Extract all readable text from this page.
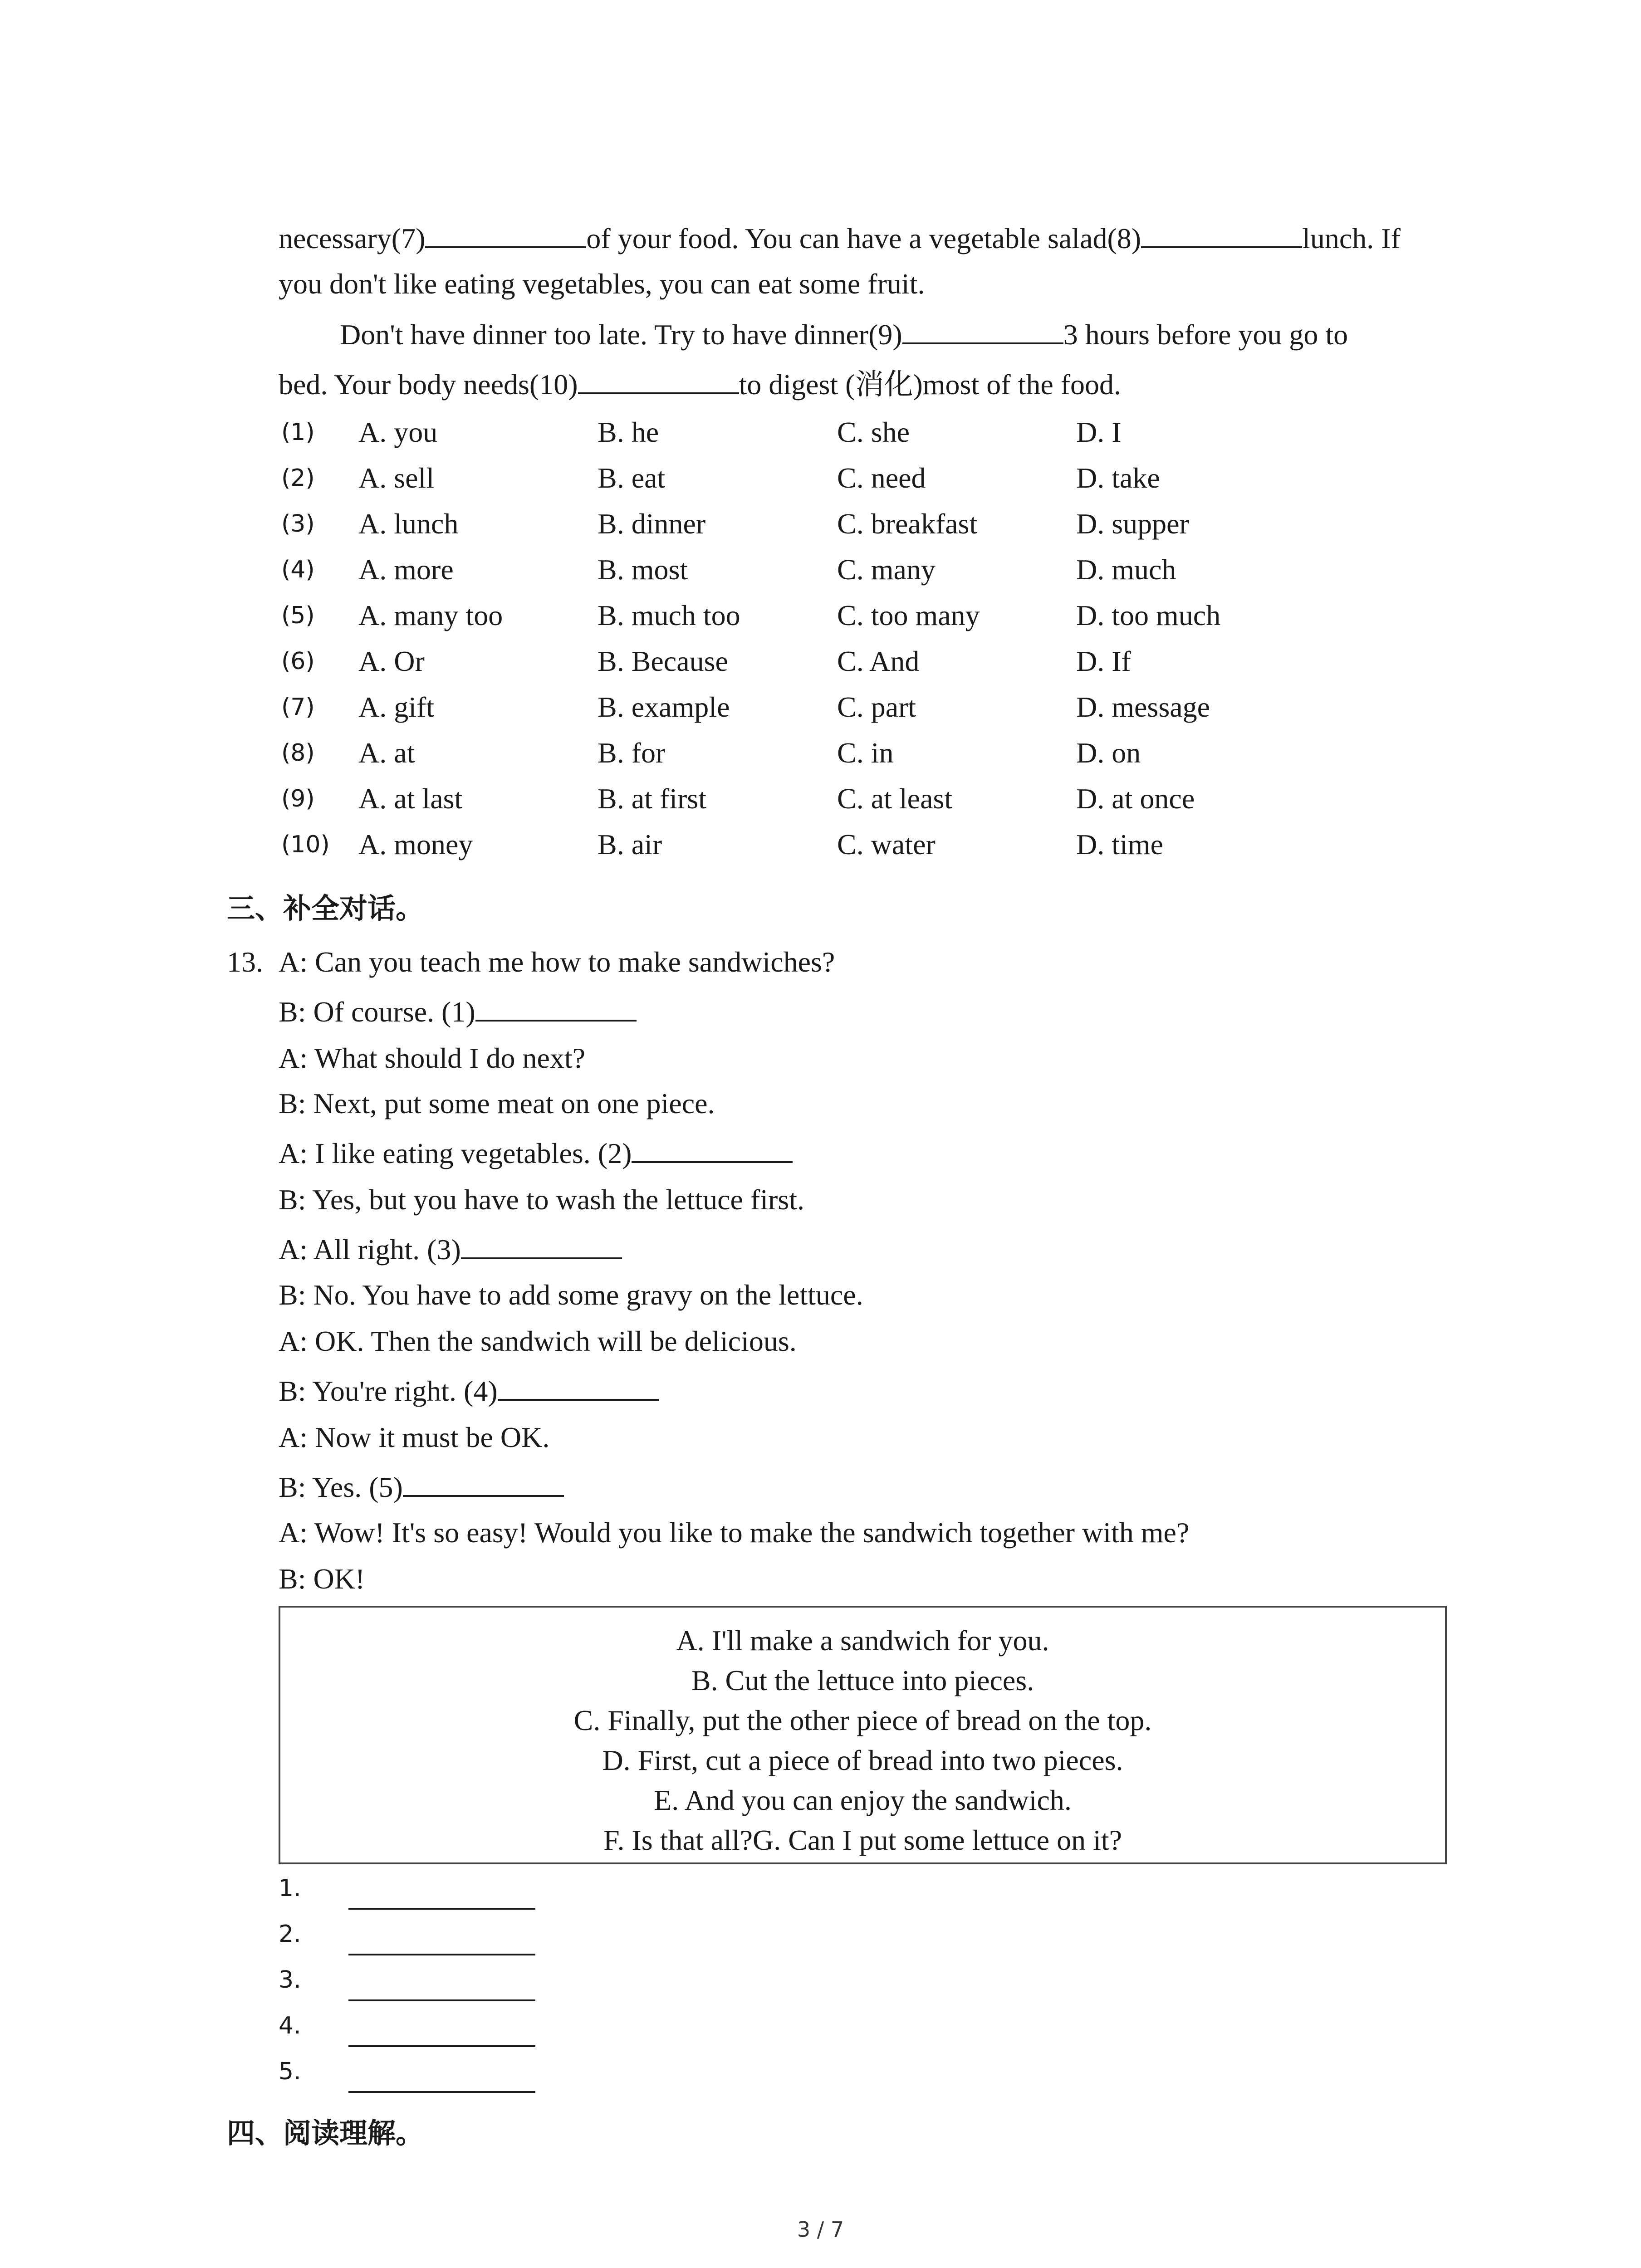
necessary(7)	of your food. You can have a vegetable salad(8)	lunch. If
you don't like eating vegetables, you can eat some fruit.
Don't have dinner too late. Try to have dinner(9)	3 hours before you go to
bed. Your body needs(10)	to digest (消化)most of the food.
(1) A. you	B. he	C. she	D. I
(2) A. sell	B. eat	C. need	D. take
(3) A. lunch	B. dinner	C. breakfast	D. supper
(4) A. more	B. most	C. many	D. much
(5) A. many too	B. much too	C. too many	D. too much
(6) A. Or	B. Because	C. And	D. If
(7) A. gift	B. example	C. part	D. message
(8) A. at	B. for	C. in	D. on
(9) A. at last	B. at first	C. at least	D. at once
(10) A. money	B. air	C. water	D. time
三、补全对话。
13. A: Can you teach me how to make sandwiches?
B: Of course. (1)
A: What should I do next?
B: Next, put some meat on one piece.
A: I like eating vegetables. (2)
B: Yes, but you have to wash the lettuce first.
A: All right. (3)
B: No. You have to add some gravy on the lettuce.
A: OK. Then the sandwich will be delicious.
B: You're right. (4)
A: Now it must be OK.
B: Yes. (5)
A: Wow! It's so easy! Would you like to make the sandwich together with me?
B: OK!
A. I'll make a sandwich for you.
B. Cut the lettuce into pieces.
C. Finally, put the other piece of bread on the top.
D. First, cut a piece of bread into two pieces.
E. And you can enjoy the sandwich.
F. Is that all?G. Can I put some lettuce on it?
1.
2.
3.
4.
5.
四、阅读理解。
3 / 7
